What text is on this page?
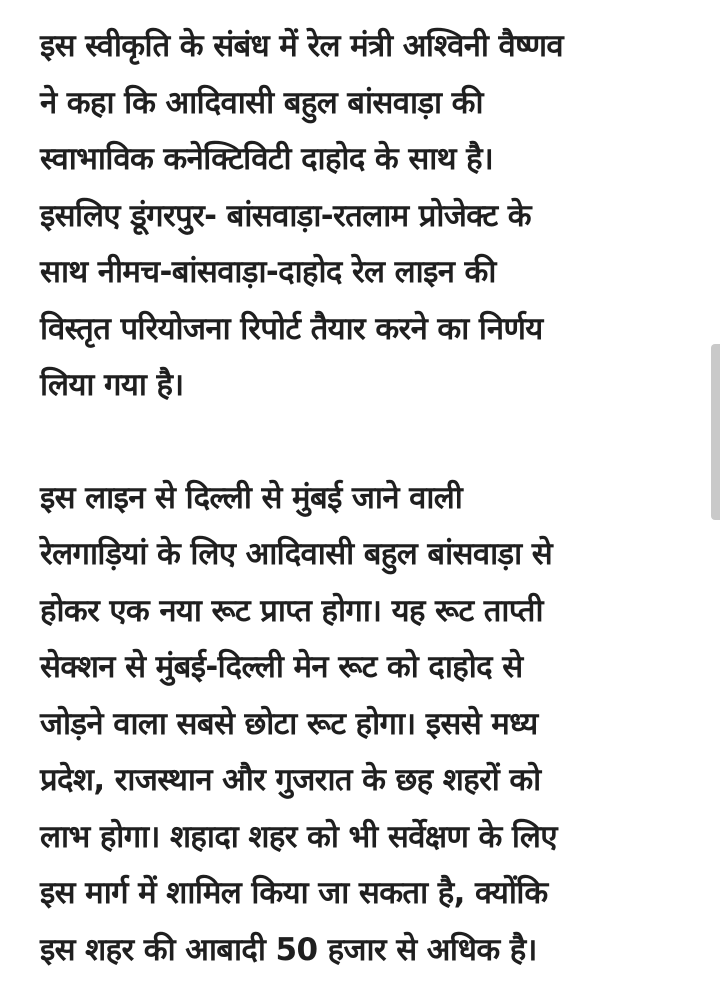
इस स्वीकृति के संबंध में रेल मंत्री अश्विनी वैष्णव
ने कहा कि आदिवासी बहुल बांसवाड़ा की
स्वाभाविक कनेक्टिविटी दाहोद के साथ है।
इसलिए डूंगरपुर- बांसवाड़ा-रतलाम प्रोजेक्ट के
साथ नीमच-बांसवाड़ा-दाहोद रेल लाइन की
विस्तृत परियोजना रिपोर्ट तैयार करने का निर्णय
लिया गया है।

इस लाइन से दिल्ली से मुंबई जाने वाली
रेलगाड़ियां के लिए आदिवासी बहुल बांसवाड़ा से
होकर एक नया रूट प्राप्त होगा। यह रूट ताप्ती
सेक्शन से मुंबई-दिल्ली मेन रूट को दाहोद से
जोड़ने वाला सबसे छोटा रूट होगा। इससे मध्य
प्रदेश, राजस्थान और गुजरात के छह शहरों को
लाभ होगा। शहादा शहर को भी सर्वेक्षण के लिए
इस मार्ग में शामिल किया जा सकता है, क्योंकि
इस शहर की आबादी 50 हजार से अधिक है।
